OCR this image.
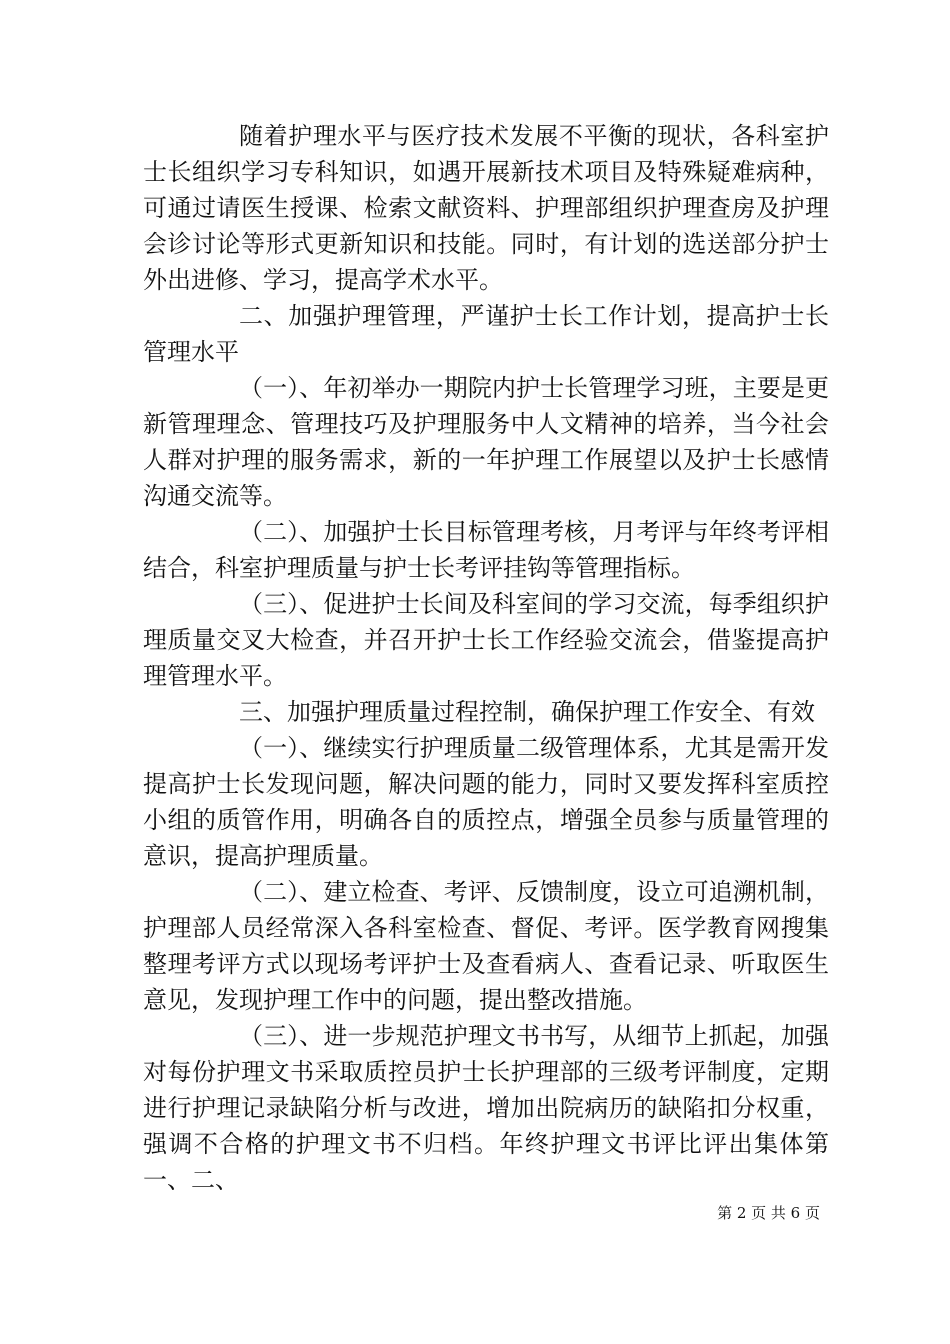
随着护理水平与医疗技术发展不平衡的现状，各科室护士长组织学习专科知识，如遇开展新技术项目及特殊疑难病种，可通过请医生授课、检索文献资料、护理部组织护理查房及护理会诊讨论等形式更新知识和技能。同时，有计划的选送部分护士外出进修、学习，提高学术水平。

二、加强护理管理，严谨护士长工作计划，提高护士长管理水平

（一）、年初举办一期院内护士长管理学习班，主要是更新管理理念、管理技巧及护理服务中人文精神的培养，当今社会人群对护理的服务需求，新的一年护理工作展望以及护士长感情沟通交流等。

（二）、加强护士长目标管理考核，月考评与年终考评相结合，科室护理质量与护士长考评挂钩等管理指标。

（三）、促进护士长间及科室间的学习交流，每季组织护理质量交叉大检查，并召开护士长工作经验交流会，借鉴提高护理管理水平。

三、加强护理质量过程控制，确保护理工作安全、有效

（一）、继续实行护理质量二级管理体系，尤其是需开发提高护士长发现问题，解决问题的能力，同时又要发挥科室质控小组的质管作用，明确各自的质控点，增强全员参与质量管理的意识，提高护理质量。

（二）、建立检查、考评、反馈制度，设立可追溯机制，护理部人员经常深入各科室检查、督促、考评。医学教育网搜集整理考评方式以现场考评护士及查看病人、查看记录、听取医生意见，发现护理工作中的问题，提出整改措施。

（三）、进一步规范护理文书书写，从细节上抓起，加强对每份护理文书采取质控员护士长护理部的三级考评制度，定期进行护理记录缺陷分析与改进，增加出院病历的缺陷扣分权重，强调不合格的护理文书不归档。年终护理文书评比评出集体第一、二、

第 2 页 共 6 页
